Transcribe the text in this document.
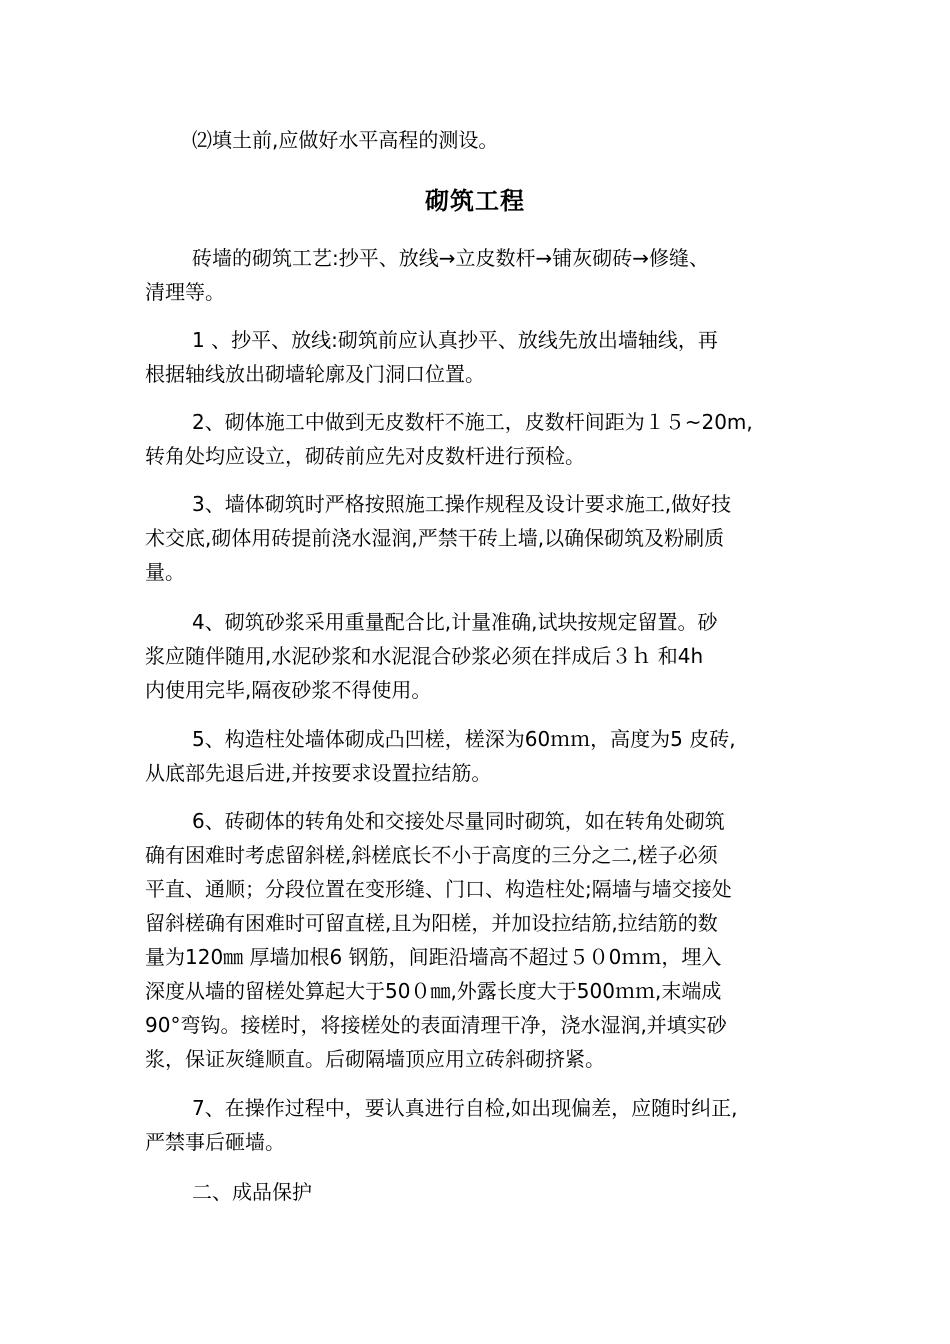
⑵填土前,应做好水平高程的测设。
砌筑工程
砖墙的砌筑工艺:抄平、放线→立皮数杆→铺灰砌砖→修缝、
清理等。
1 、抄平、放线:砌筑前应认真抄平、放线先放出墙轴线，再
根据轴线放出砌墙轮廓及门洞口位置。
2、砌体施工中做到无皮数杆不施工，皮数杆间距为１５~20m,
转角处均应设立，砌砖前应先对皮数杆进行预检。
3、墙体砌筑时严格按照施工操作规程及设计要求施工,做好技
术交底,砌体用砖提前浇水湿润,严禁干砖上墙,以确保砌筑及粉刷质
量。
4、砌筑砂浆采用重量配合比,计量准确,试块按规定留置。砂
浆应随伴随用,水泥砂浆和水泥混合砂浆必须在拌成后３ｈ 和4h
内使用完毕,隔夜砂浆不得使用。
5、构造柱处墙体砌成凸凹槎，槎深为60ｍｍ，高度为5 皮砖,
从底部先退后进,并按要求设置拉结筋。
6、砖砌体的转角处和交接处尽量同时砌筑，如在转角处砌筑
确有困难时考虑留斜槎,斜槎底长不小于高度的三分之二,槎子必须
平直、通顺；分段位置在变形缝、门口、构造柱处;隔墙与墙交接处
留斜槎确有困难时可留直槎,且为阳槎，并加设拉结筋,拉结筋的数
量为120㎜ 厚墙加根6 钢筋，间距沿墙高不超过５０0ｍｍ，埋入
深度从墙的留槎处算起大于50０㎜,外露长度大于500ｍｍ,末端成
90°弯钩。接槎时，将接槎处的表面清理干净，浇水湿润,并填实砂
浆，保证灰缝顺直。后砌隔墙顶应用立砖斜砌挤紧。
7、在操作过程中，要认真进行自检,如出现偏差，应随时纠正,
严禁事后砸墙。
二、成品保护
